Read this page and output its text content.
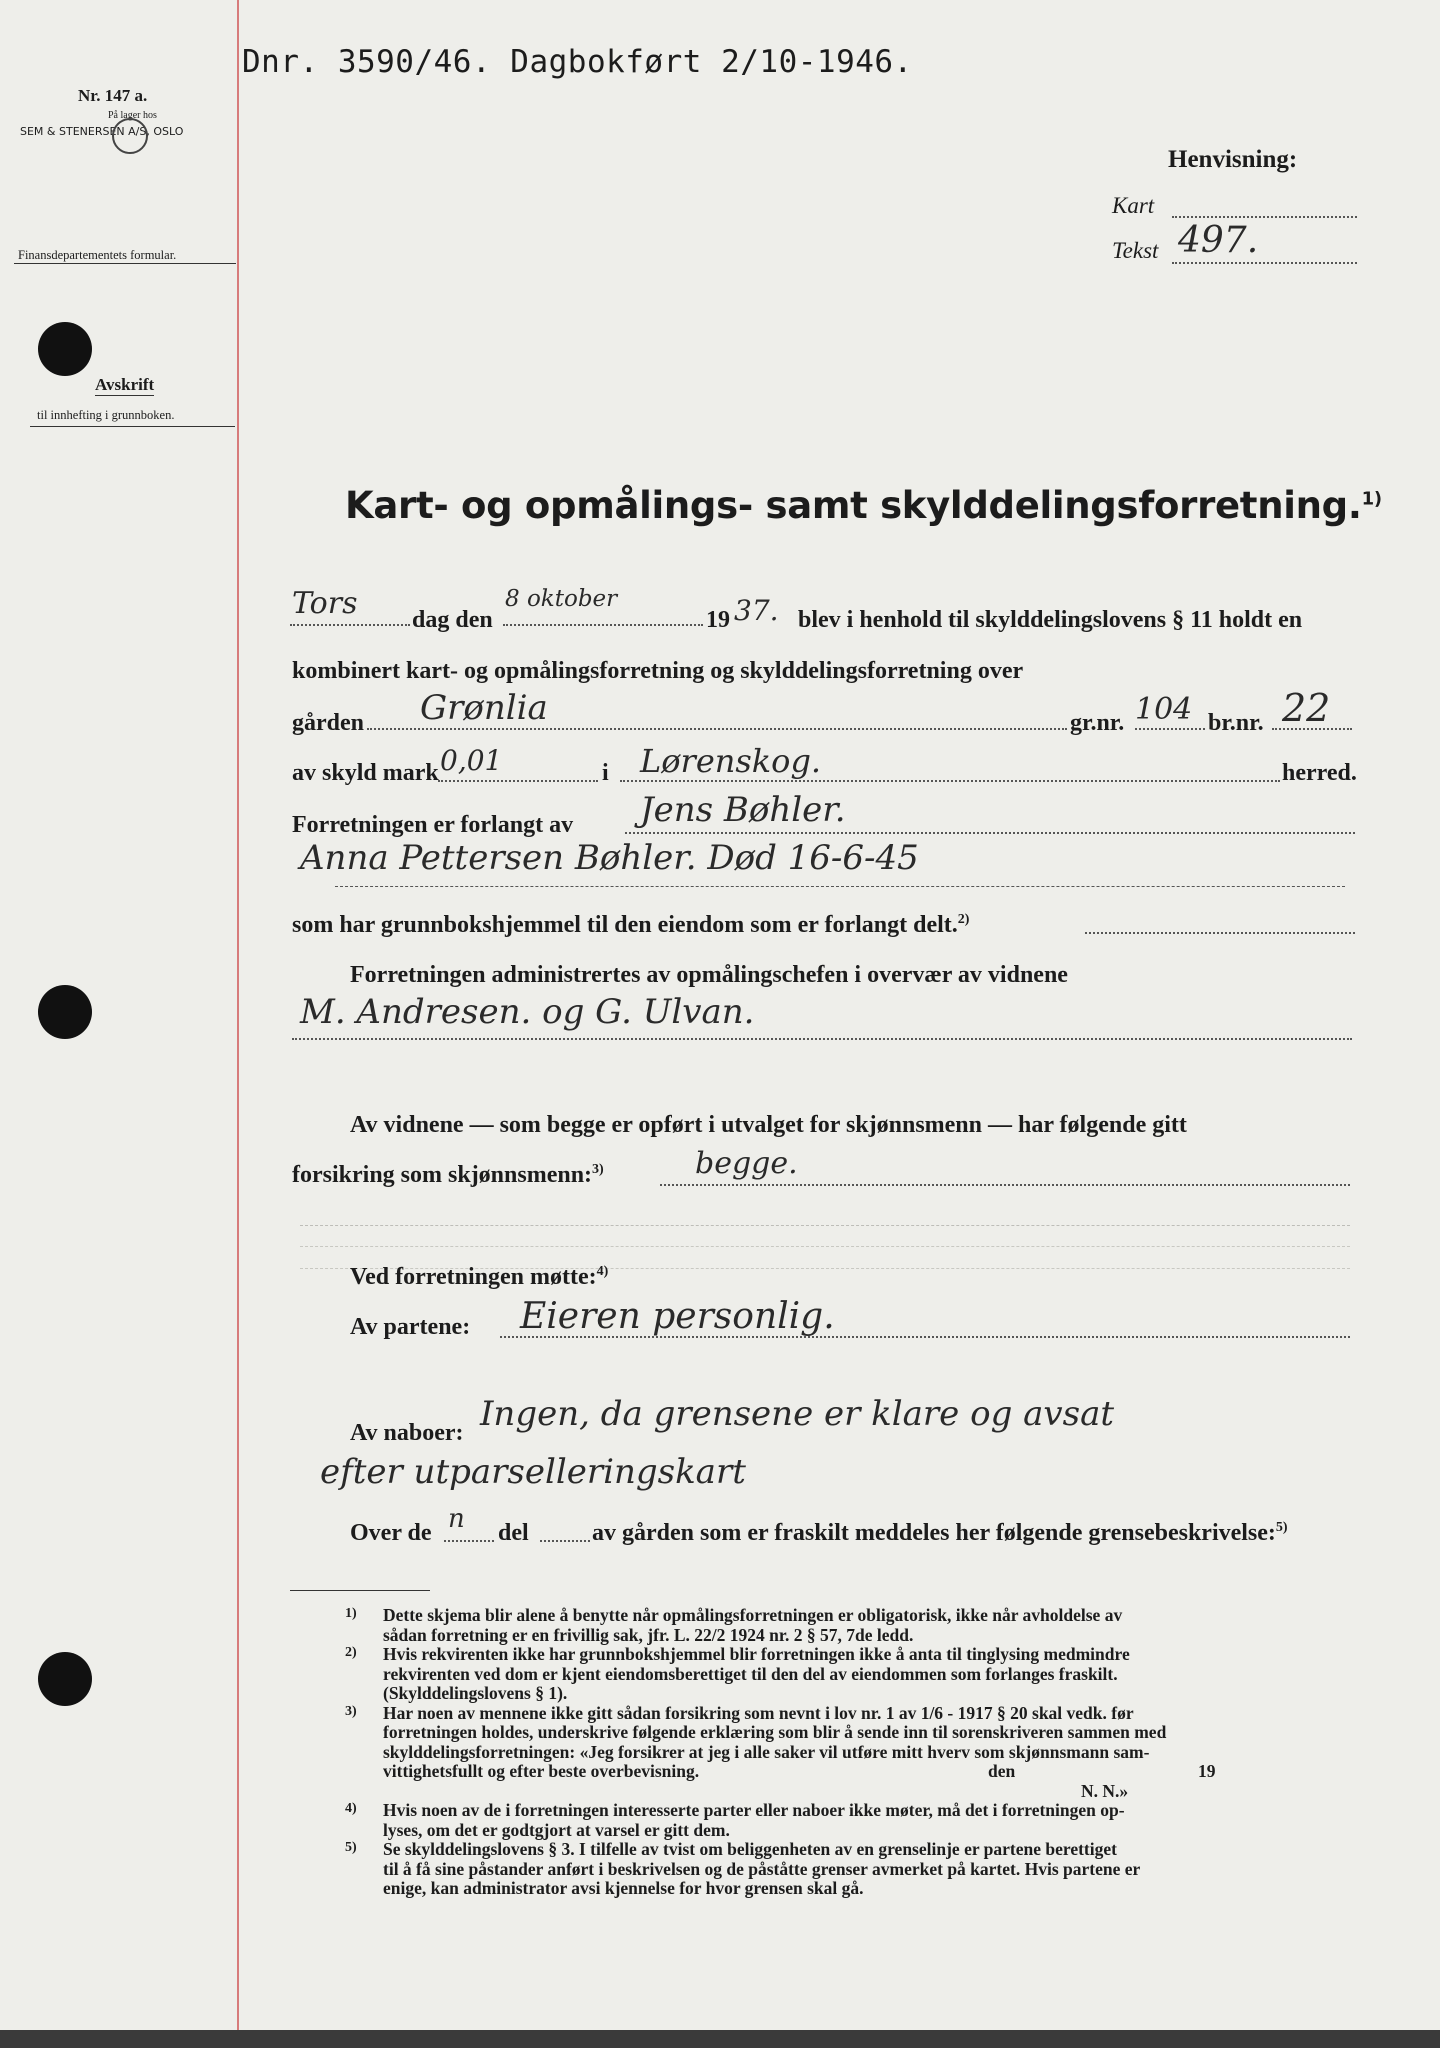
Dnr. 3590/46. Dagbokført 2/10-1946.
Nr. 147 a.
På lager hos
SEM & STENERSEN A/S, OSLO
Finansdepartementets formular.
Avskrift
til innhefting i grunnboken.
Henvisning:
Kart
Tekst 497.
Kart- og opmålings- samt skylddelingsforretning.$^{1)}$
Tors dag den
8 oktober
19 37. blev i henhold til skylddelingslovens § 11 holdt en
kombinert kart- og opmålingsforretning og skylddelingsforretning over
gården Grønlia	gr.nr. 104 br.nr. 22
av skyld mark 0,01	i Lørenskog.	herred.
Forretningen er forlangt av Jens Bøhler.
Anna Pettersen Bøhler. Død 16-6-45
som har grunnbokshjemmel til den eiendom som er forlangt delt.$^{2)}$
Forretningen administrertes av opmålingschefen i overvær av vidnene
M. Andresen. og G. Ulvan.
Av vidnene — som begge er opført i utvalget for skjønnsmenn — har følgende gitt
forsikring som skjønnsmenn:$^{3)}$	begge.
Ved forretningen møtte:$^{4)}$
Av partene: Eieren personlig.
Av naboer: Ingen, da grensene er klare og avsat
efter utparselleringskart
Over de n del	av gården som er fraskilt meddeles her følgende grensebeskrivelse:$^{5)}$
1) Dette skjema blir alene å benytte når opmålingsforretningen er obligatorisk, ikke når avholdelse av
sådan forretning er en frivillig sak, jfr. L. 22/2 1924 nr. 2 § 57, 7de ledd.
2) Hvis rekvirenten ikke har grunnbokshjemmel blir forretningen ikke å anta til tinglysing medmindre
rekvirenten ved dom er kjent eiendomsberettiget til den del av eiendommen som forlanges fraskilt.
(Skylddelingslovens § 1).
3) Har noen av mennene ikke gitt sådan forsikring som nevnt i lov nr. 1 av 1/6 - 1917 § 20 skal vedk. før
forretningen holdes, underskrive følgende erklæring som blir å sende inn til sorenskriveren sammen med
skylddelingsforretningen: «Jeg forsikrer at jeg i alle saker vil utføre mitt hverv som skjønnsmann sam-
vittighetsfullt og efter beste overbevisning.	den	19
N. N.»
4) Hvis noen av de i forretningen interesserte parter eller naboer ikke møter, må det i forretningen op-
lyses, om det er godtgjort at varsel er gitt dem.
5) Se skylddelingslovens § 3. I tilfelle av tvist om beliggenheten av en grenselinje er partene berettiget
til å få sine påstander anført i beskrivelsen og de påståtte grenser avmerket på kartet. Hvis partene er
enige, kan administrator avsi kjennelse for hvor grensen skal gå.
